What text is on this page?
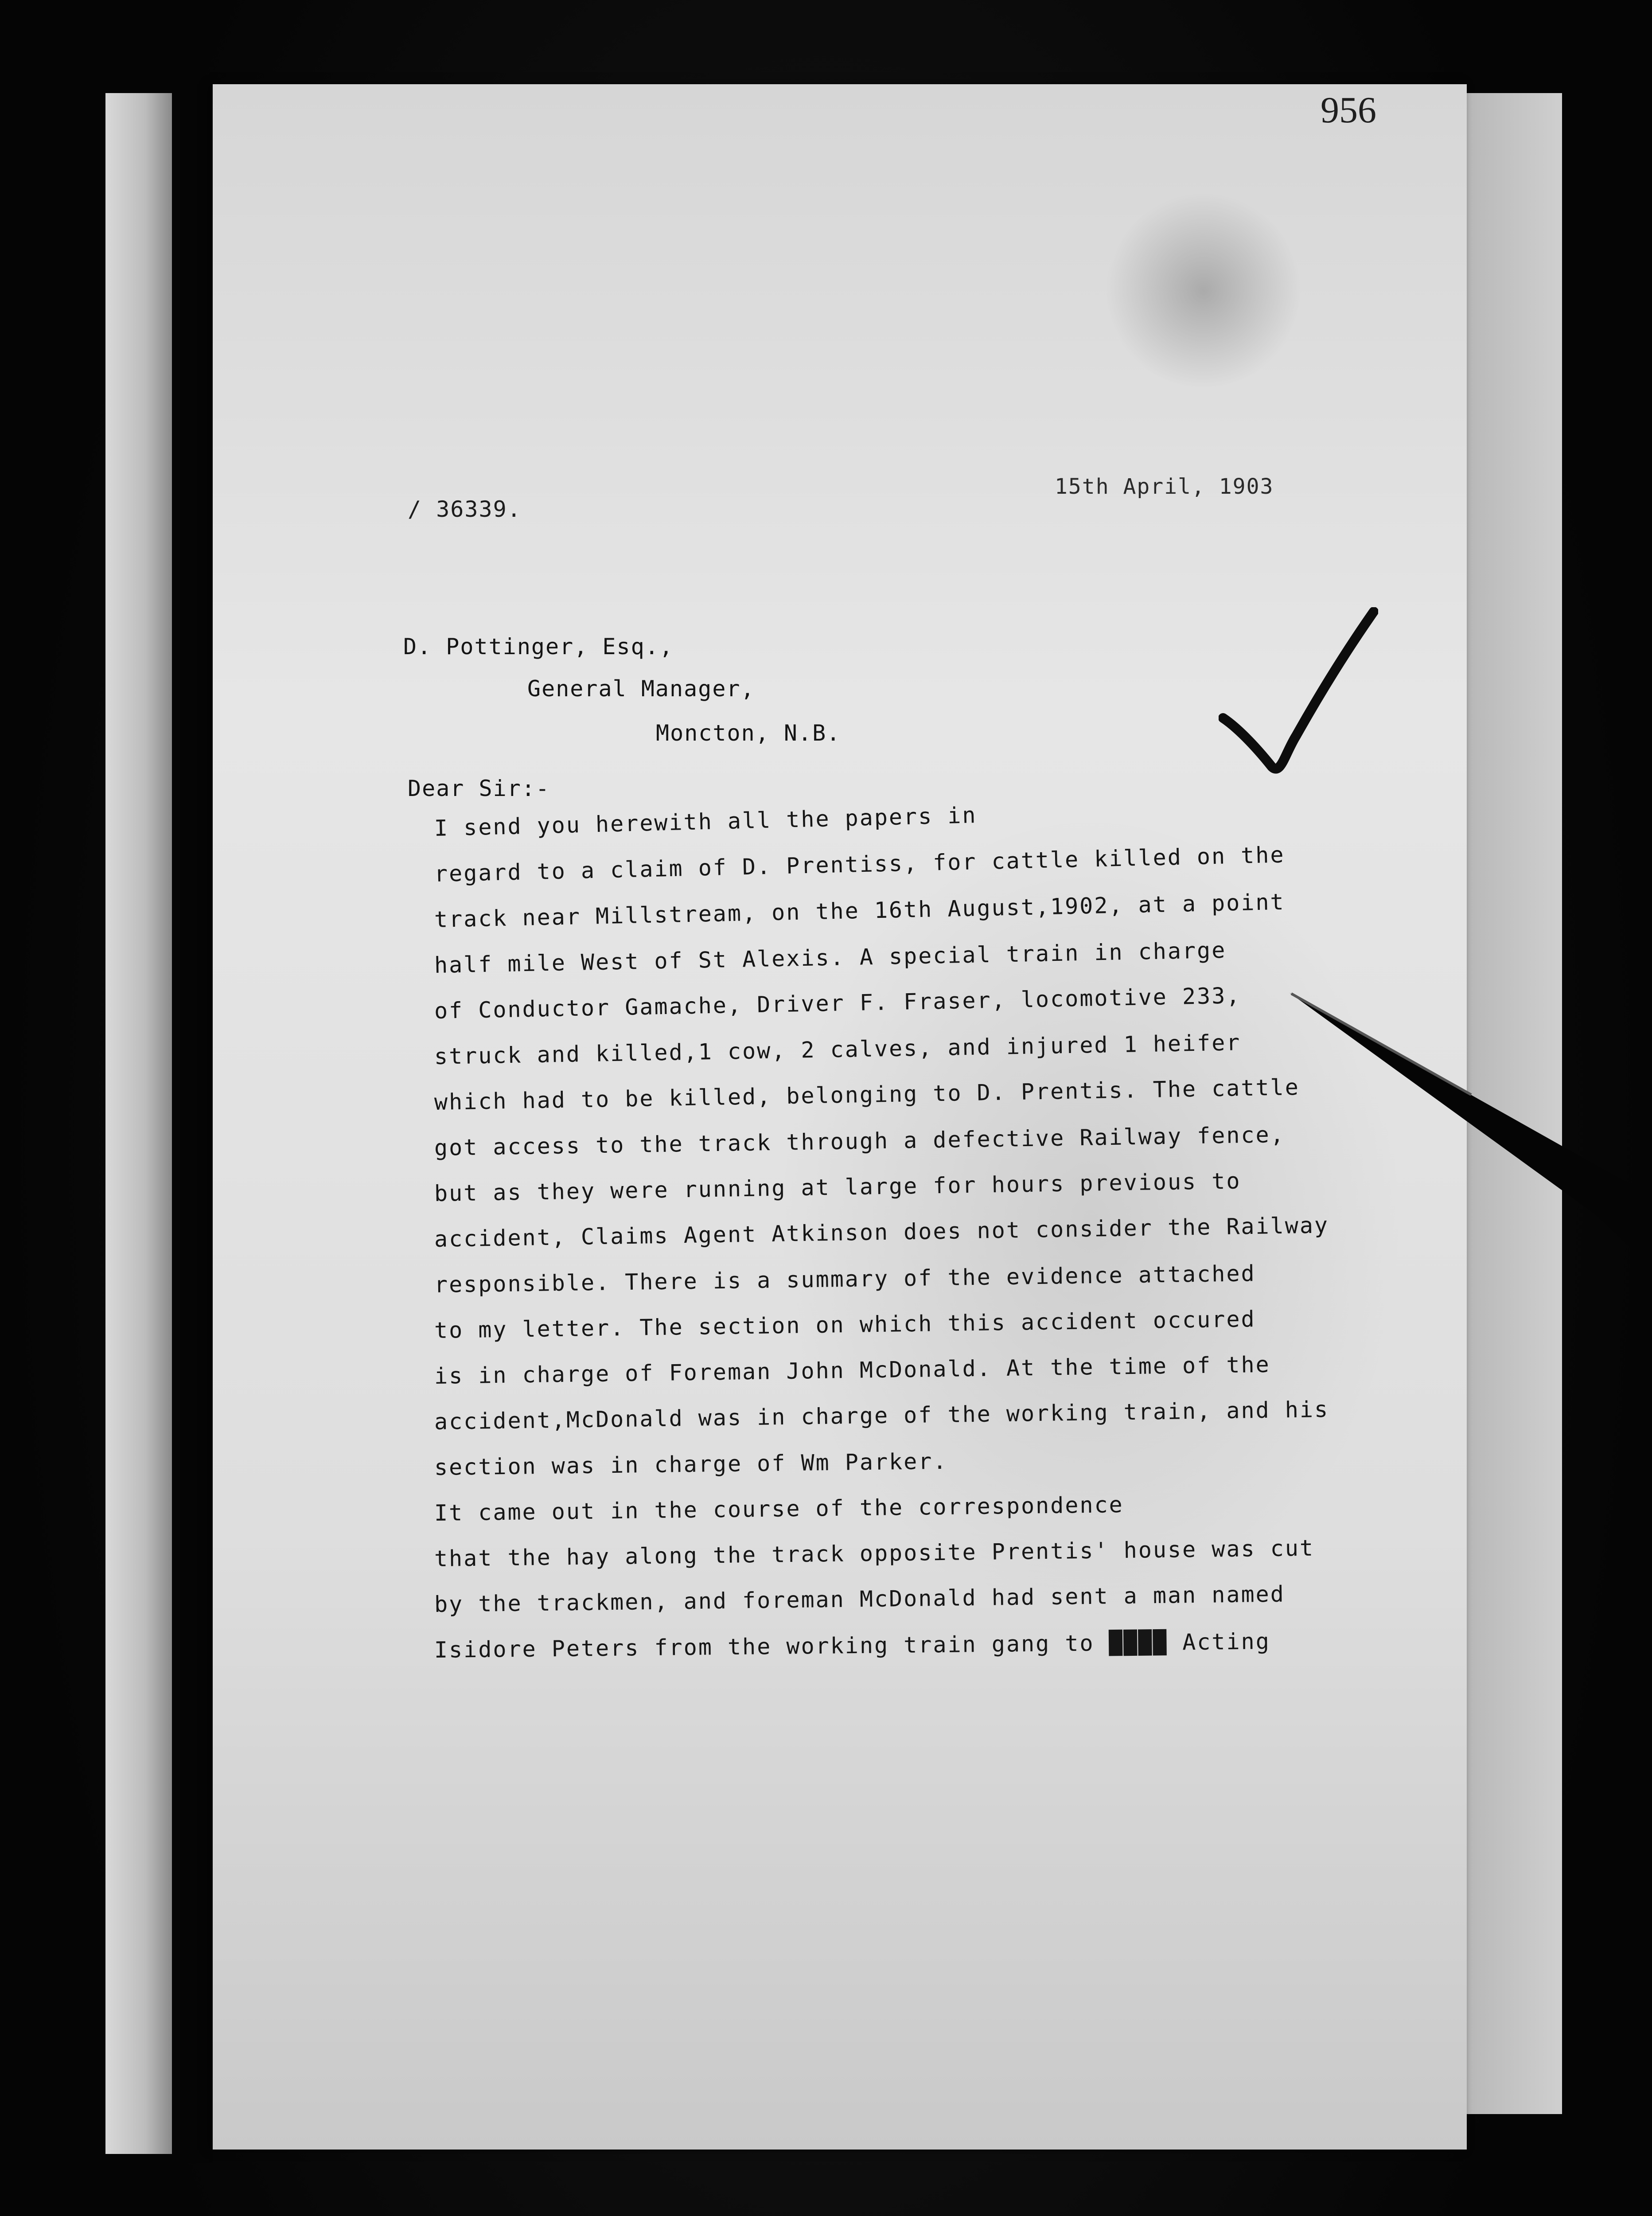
956
/ 36339.
15th April, 1903
D. Pottinger, Esq.,
General Manager,
Moncton, N.B.
Dear Sir:-
I send you herewith all the papers in
regard to a claim of D. Prentiss, for cattle killed on the
track near Millstream, on the 16th August,1902, at a point
half mile West of St Alexis. A special train in charge
of Conductor Gamache, Driver F. Fraser, locomotive 233,
struck and killed,1 cow, 2 calves, and injured 1 heifer
which had to be killed, belonging to D. Prentis. The cattle
got access to the track through a defective Railway fence,
but as they were running at large for hours previous to
accident, Claims Agent Atkinson does not consider the Railway
responsible. There is a summary of the evidence attached
to my letter. The section on which this accident occured
is in charge of Foreman John McDonald. At the time of the
accident,McDonald was in charge of the working train, and his
section was in charge of Wm Parker.
It came out in the course of the correspondence
that the hay along the track opposite Prentis' house was cut
by the trackmen, and foreman McDonald had sent a man named
Isidore Peters from the working train gang to ████ Acting
